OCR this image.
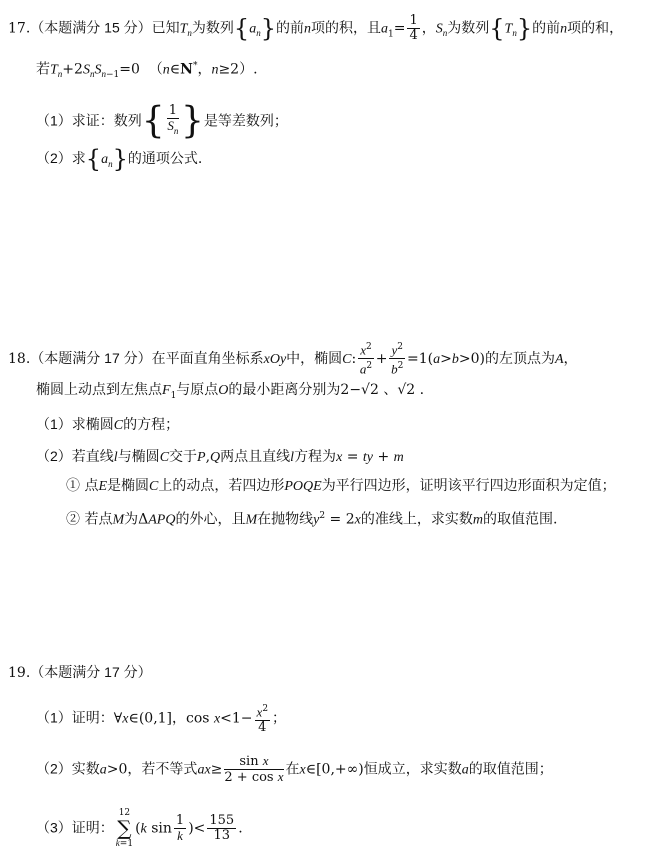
17.（本题满分 15 分）已知$T_n$为数列$\{a_n\}$的前n项的积，且$a_1= \frac{1}{4}$ ，$S_n$为数列$\{T_n\}$的前n项的和，
若$T_n+2S_nS_{n-1}=0$  （n∈N*，n≥2）.
（1）求证：数列{ $\frac{1}{S_n}$ }是等差数列；
（2）求$\{a_n\}$的通项公式.
18.（本题满分 17 分）在平面直角坐标系xOy中，椭圆C: $\frac{x^2}{a^2} + \frac{y^2}{b^2} =1(a>b>0)$的左顶点为A，
椭圆上动点到左焦点$F_1$与原点O的最小距离分别为2−√2 、√2 .
（1）求椭圆C的方程；
（2）若直线l与椭圆C交于P,Q两点且直线l方程为x = ty + m
① 点E是椭圆C上的动点，若四边形POQE为平行四边形，证明该平行四边形面积为定值；
② 若点M为ΔAPQ的外心，且M在抛物线$y^2 = 2x$的准线上，求实数m的取值范围.
19.（本题满分 17 分）
（1）证明：∀x∈(0,1]，$\cos x<1- \frac{x^2}{4}$ ；
（2）实数a>0，若不等式$ax\ge \frac{\text{sin x}}{\text{2 + cos x}}$ 在x∈[0,+∞)恒成立，求实数a的取值范围；
（3）证明：
12
∑
k=1
(k $\sin \frac{1}{k}$ )< $\frac{155}{13}$ .
